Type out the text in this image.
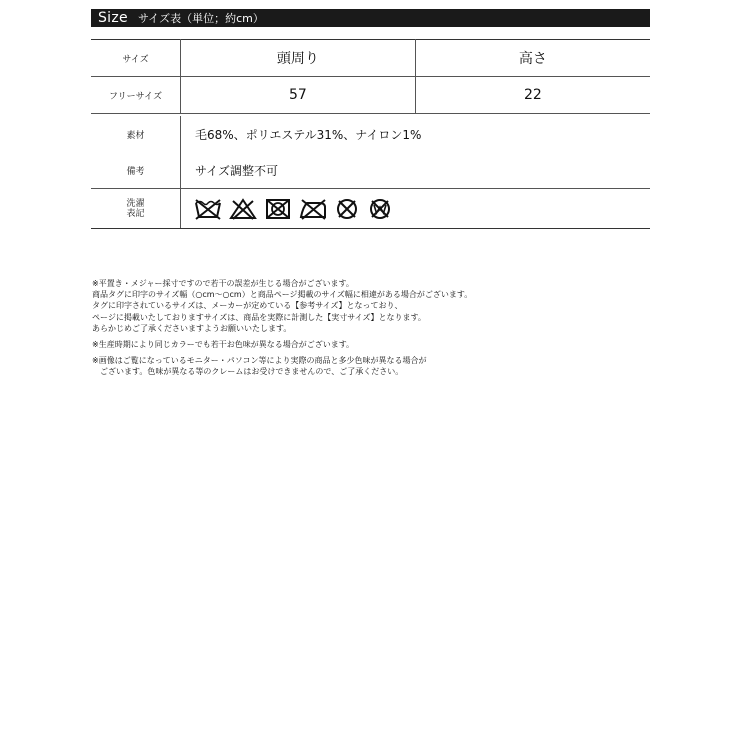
Size サイズ表（単位；約cm）
サイズ	頭周り	高さ
フリーサイズ	57	22
素材	毛68%、ポリエステル31%、ナイロン1%
備考	サイズ調整不可

洗濯
表記

※平置き・メジャー採寸ですので若干の誤差が生じる場合がございます。

商品タグに印字のサイズ幅（○cm〜○cm）と商品ページ掲載のサイズ幅に相違がある場合がございます。

タグに印字されているサイズは、メーカーが定めている【参考サイズ】となっており、

ページに掲載いたしておりますサイズは、商品を実際に計測した【実寸サイズ】となります。

あらかじめご了承くださいますようお願いいたします。

※生産時期により同じカラーでも若干お色味が異なる場合がございます。

※画像はご覧になっているモニター・パソコン等により実際の商品と多少色味が異なる場合が

　ございます。色味が異なる等のクレームはお受けできませんので、ご了承ください。
